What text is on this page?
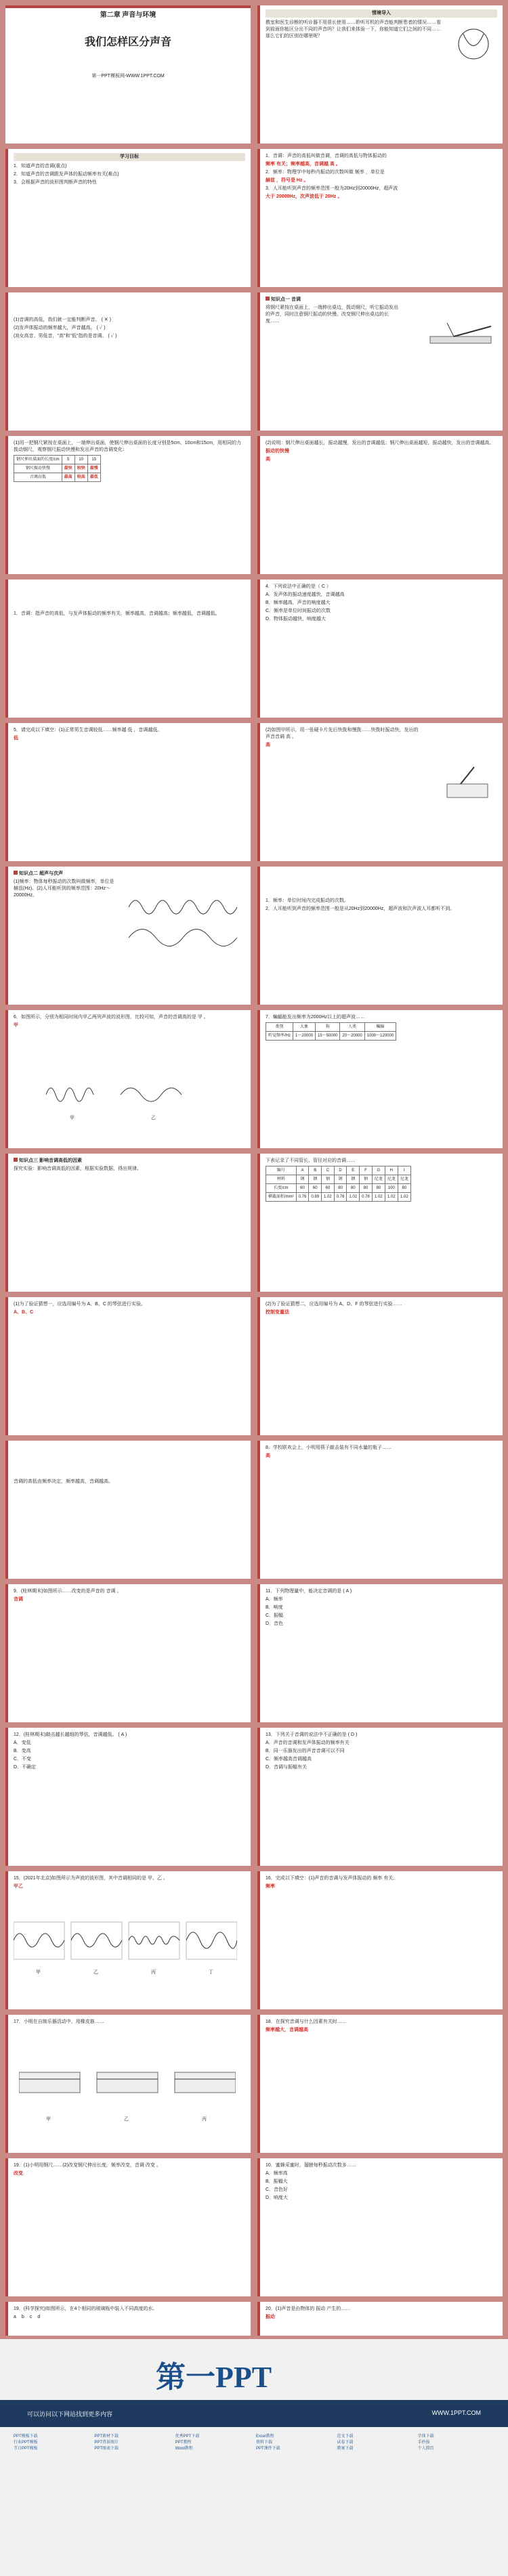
第二章 声音与环境
我们怎样区分声音
第一PPT模板网-WWW.1PPT.COM
情境导入
教室和医生诊断的听诊器不用很长使用……聆听耳机的声音能判断患者的情况……看到前面你能区分出不同的声音吗？让我们来体验一下，你能知道它们之间的不同……那么它们的区别在哪里呢？
学习目标
1．知道声音的音调(重点)
2．知道声音的音调跟发声体的振动频率有关(难点)
3．会根据声音的波形图判断声音的特性
1．音调：声音的高低叫做音调，音调的高低与物体振动的
频率 有关；频率越高，音调越 高 。
2．频率：物理学中每秒内振动的次数叫做 频率 ，单位是
赫兹 ，符号是 Hz 。
3．人耳能听到声音的频率范围一般为20Hz到20000Hz，超声波
大于 20000Hz，次声波低于 20Hz 。
(1)音调的高低，我们就一定能判断声音。 ( ✕ )
(2)发声体振动的频率越大，声音越高。 ( ✓ )
(3)女高音、男低音，"高"和"低"指的是音调。 ( ✓ )
知识点一 音调
将钢尺紧按在桌面上，一端伸出桌边，拨动钢尺，听它振动发出的声音，同时注意钢尺振动的快慢。改变钢尺伸出桌边的长度……
(1)用一把钢尺紧按在桌面上，一端伸出桌面，使钢尺伸出桌面的长度分别是5cm、10cm和15cm，用相同的力拨动钢尺，观察钢尺振动快慢和发出声音的音调变化：
钢尺伸出桌面的长度/cm	5	10	15
钢尺振动快慢	最快	较快	最慢
音调高低	最高	较高	最低
(2)说明：钢尺伸出桌面越长，振动越慢，发出的音调越低；钢尺伸出桌面越短，振动越快，发出的音调越高。
振动的快慢
高
1．音调：指声音的高低，与发声体振动的频率有关，频率越高，音调越高；频率越低，音调越低。
4．下列说法中正确的是（ C ）
A．发声体的振动速度越快，音调越高
B．频率越高，声音的响度越大
C．频率是单位时间振动的次数
D．物体振动越快，响度越大
5．请完成以下填空：(1)正常男生音调较低……频率越 低 ，音调越低。
低
(2)如图甲所示，用一张硬卡片先后快拨和慢拨……快拨时振动快，发出的声音音调 高 。
高
知识点二 超声与次声
(1)频率：物体每秒振动的次数叫做频率，单位是赫兹(Hz)。(2)人耳能听到的频率范围：20Hz～20000Hz。
1．频率：单位时间内完成振动的次数。
2．人耳能听到声音的频率范围一般是从20Hz到20000Hz，超声波和次声波人耳都听不到。
6．如图所示，分别为相同时间内甲乙两列声波的波形图，比较可知，声音的音调高的是 甲 。
甲
甲	乙
7．蝙蝠能发出频率为2000Hz以上的超声波……
类别	大象	狗	人类	蝙蝠
听觉频率/Hz	1～20000	15～50000	20～20000	1000～120000
知识点三 影响音调高低的因素
探究实验：影响音调高低的因素，根据实验数据，得出规律。
下表记录了不同管长、管径对应的音调……
编号	A	B	C	D	E	F	G	H	I
材料	钢	钢	钢	钢	钢	钢	尼龙	尼龙	尼龙
长度/cm	60	60	60	80	80	80	80	100	80
横截面积/mm²	0.76	0.89	1.02	0.76	1.02	0.76	1.02	1.02	1.02
(1)为了验证猜想一，应选用编号为 A、B、C 的琴弦进行实验。
A、B、C
(2)为了验证猜想二，应选用编号为 A、D、F 的琴弦进行实验……
控制变量法
音调的高低由频率决定，频率越高，音调越高。
8．学校联欢会上，小明用筷子敲击装有不同水量的瓶子……
高
9．(桂林期末)如图所示……改变的是声音的 音调 。
音调
11．下列物理量中，能决定音调的是 ( A )
A．频率
B．响度
C．振幅
D．音色
12．(桂林期末)敲击越长越细的琴弦，音调越低。 ( A )
A．变低
B．变高
C．不变
D．不确定
13．下列关于音调的说法中不正确的是 ( D )
A．声音的音调和发声体振动的频率有关
B．同一乐器发出的声音音调可以不同
C．频率越高音调越高
D．音调与振幅有关
15．(2021年北京)如图所示为声波的波形图，其中音调相同的是 甲、乙 。
甲乙
甲	乙	丙	丁
16．完成以下填空：(1)声音的音调与发声体振动的 频率 有关。
频率
17．小明在自制乐器活动中，用橡皮筋……
甲	乙	丙
18．在探究音调与什么因素有关时……
频率越大，音调越高
19．(1)小明用钢尺……(2)改变钢尺伸出长度，频率改变，音调 改变 。
改变
10．蜜蜂采蜜时，翅膀每秒振动次数多……
A．频率高
B．振幅大
C．音色好
D．响度大
19．(科学探究)如图所示，在4个相同的玻璃瓶中装入不同高度的水。
a b c d
20．(1)声音是由物体的 振动 产生的……
振动
第一PPT
可以访问以下网站找到更多内容	WWW.1PPT.COM
PPT模板下载
行业PPT模板
节日PPT模板
PPT素材下载
PPT背景图片
PPT图表下载
优秀PPT下载
PPT教程
Word教程
Excel教程
资料下载
PPT课件下载
范文下载
试卷下载
教案下载
字体下载
手抄报
个人简历
